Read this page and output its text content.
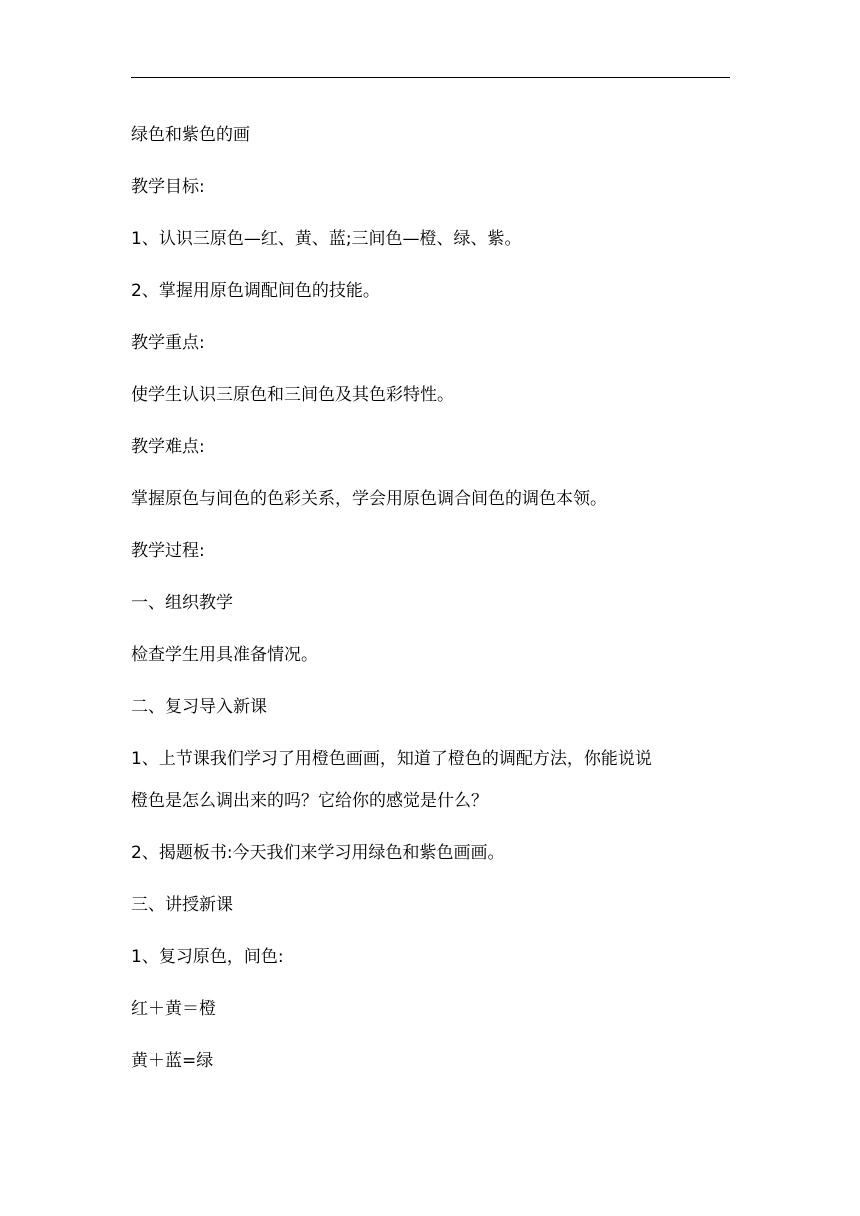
绿色和紫色的画
教学目标:
1、认识三原色—红、黄、蓝;三间色—橙、绿、紫。
2、掌握用原色调配间色的技能。
教学重点:
使学生认识三原色和三间色及其色彩特性。
教学难点:
掌握原色与间色的色彩关系，学会用原色调合间色的调色本领。
教学过程:
一、组织教学
检查学生用具准备情况。
二、复习导入新课
1、上节课我们学习了用橙色画画，知道了橙色的调配方法，你能说说
橙色是怎么调出来的吗？它给你的感觉是什么？
2、揭题板书:今天我们来学习用绿色和紫色画画。
三、讲授新课
1、复习原色，间色:
红＋黄＝橙
黄＋蓝=绿
